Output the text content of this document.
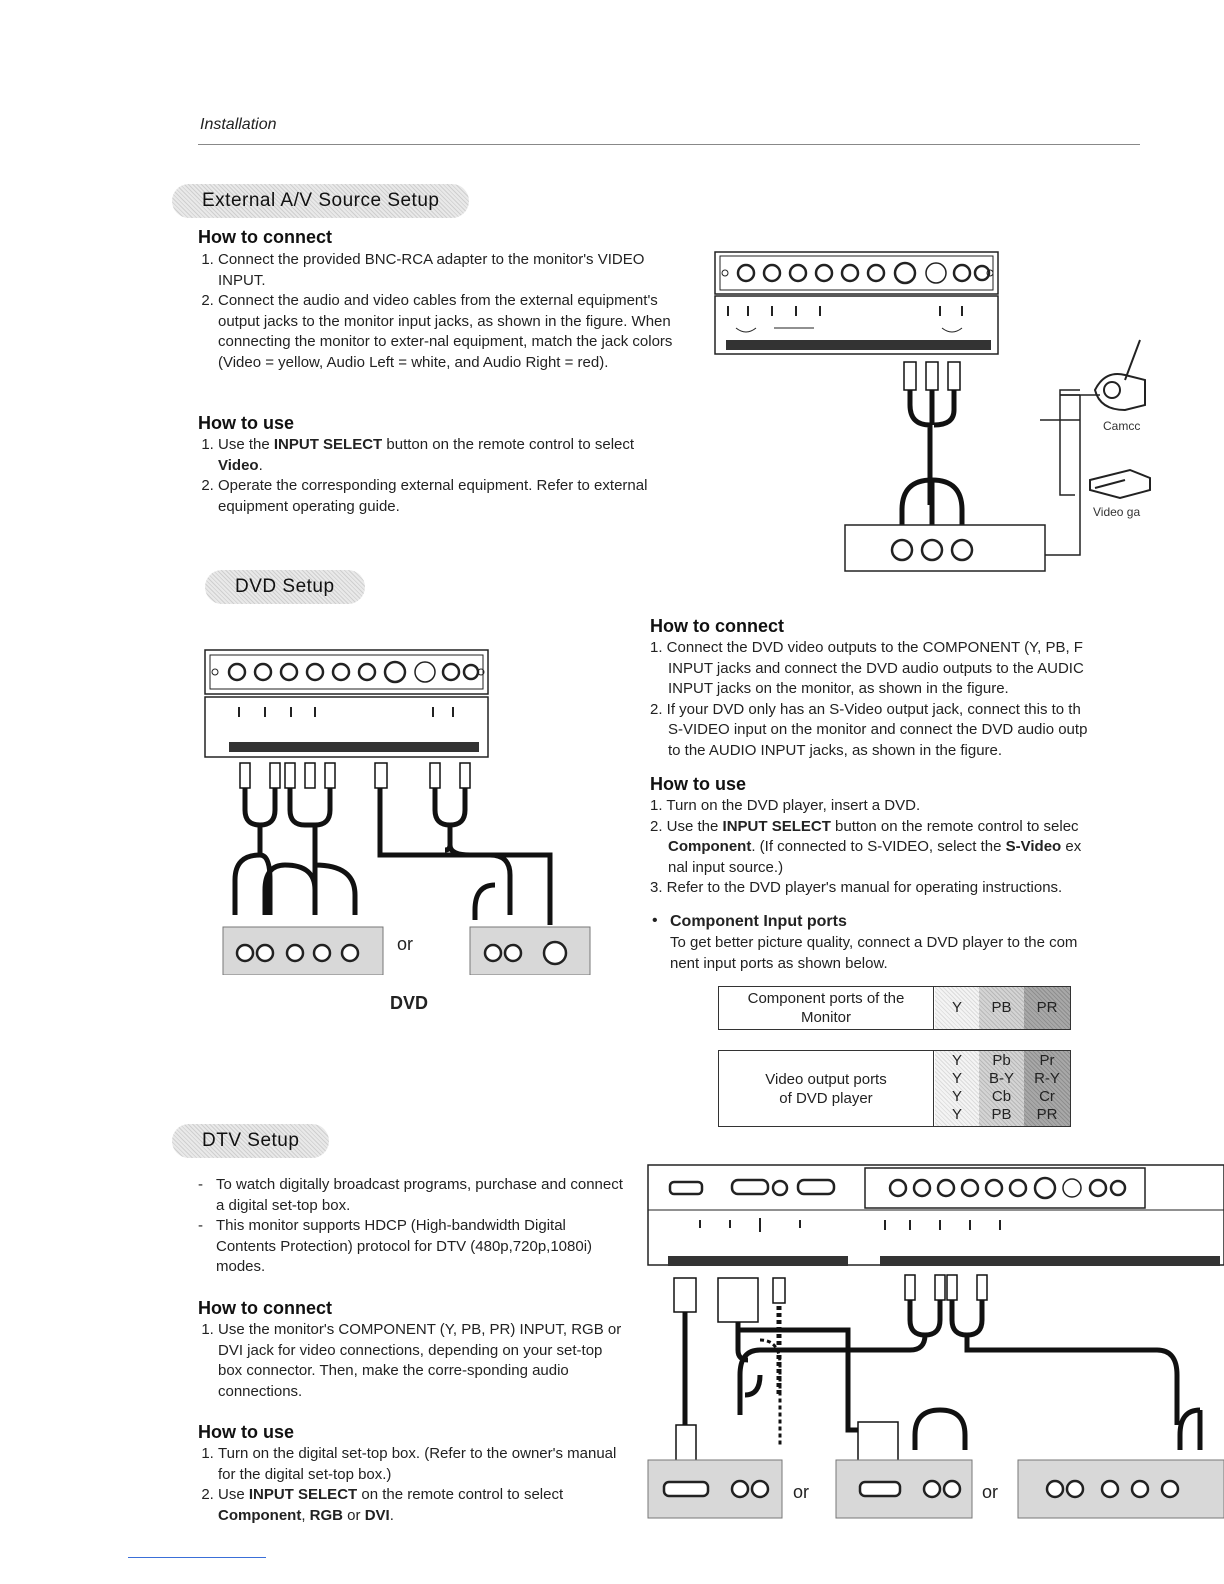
Installation
External A/V Source Setup
How to connect
1. Connect the provided BNC-RCA adapter to the monitor's VIDEO INPUT.
2. Connect the audio and video cables from the external equipment's output jacks to the monitor input jacks, as shown in the figure. When connecting the monitor to exter-nal equipment, match the jack colors (Video = yellow, Audio Left = white, and Audio Right = red).
How to use
1. Use the INPUT SELECT button on the remote control to select Video.
2. Operate the corresponding external equipment. Refer to external equipment operating guide.
Camcc
Video ga
DVD Setup
or
DVD
How to connect
1. Connect the DVD video outputs to the COMPONENT (Y, PB, F
INPUT jacks and connect the DVD audio outputs to the AUDIC
INPUT jacks on the monitor, as shown in the figure.
2. If your DVD only has an S-Video output jack, connect this to th
S-VIDEO input on the monitor and connect the DVD audio outp
to the AUDIO INPUT jacks, as shown in the figure.
How to use
1. Turn on the DVD player, insert a DVD.
2. Use the INPUT SELECT button on the remote control to selec
Component. (If connected to S-VIDEO, select the S-Video ex
nal input source.)
3. Refer to the DVD player's manual for operating instructions.
• Component Input ports
To get better picture quality, connect a DVD player to the com
nent input ports as shown below.
Component ports of the
Monitor
Y	PB	PR
Video output ports
of DVD player
Y	Pb	Pr
Y	B-Y	R-Y
Y	Cb	Cr
Y	PB	PR
DTV Setup
- To watch digitally broadcast programs, purchase and connect a digital set-top box.
- This monitor supports HDCP (High-bandwidth Digital Contents Protection) protocol for DTV (480p,720p,1080i) modes.
How to connect
1. Use the monitor's COMPONENT (Y, PB, PR) INPUT, RGB or DVI jack for video connections, depending on your set-top box connector. Then, make the corre-sponding audio connections.
How to use
1. Turn on the digital set-top box. (Refer to the owner's manual for the digital set-top box.)
2. Use INPUT SELECT on the remote control to select Component, RGB or DVI.
or	or
